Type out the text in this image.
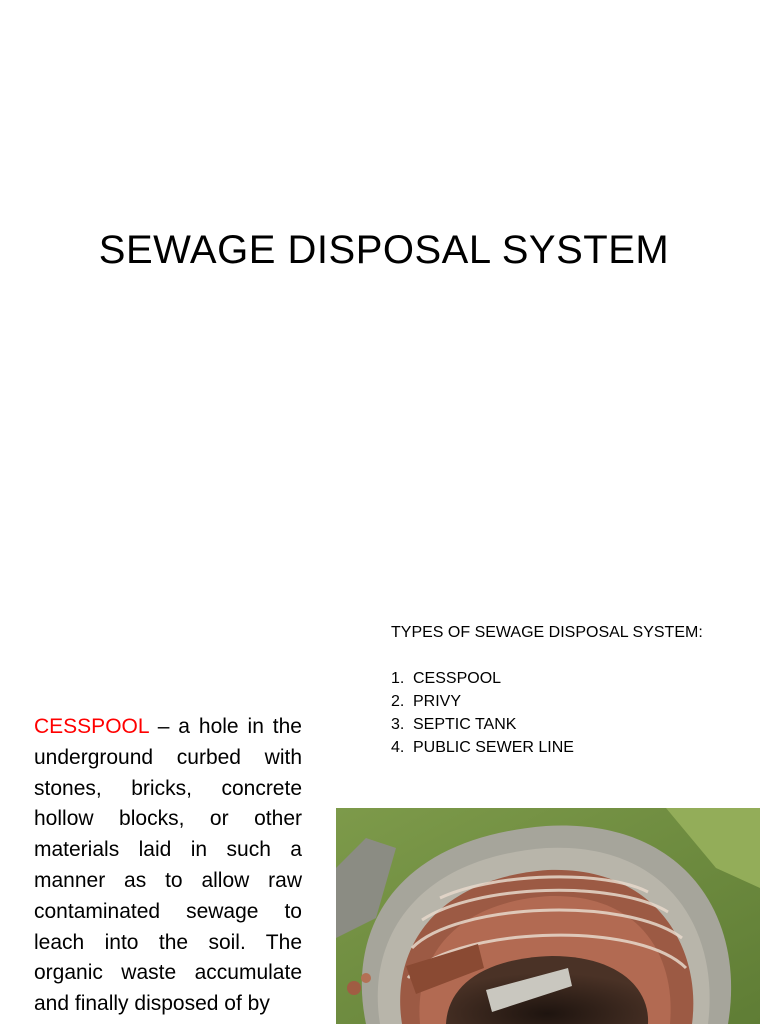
SEWAGE DISPOSAL SYSTEM
TYPES OF SEWAGE DISPOSAL SYSTEM:
1. CESSPOOL
2. PRIVY
3. SEPTIC TANK
4. PUBLIC SEWER LINE
CESSPOOL – a hole in the underground curbed with stones, bricks, concrete hollow blocks, or other materials laid in such a manner as to allow raw contaminated sewage to leach into the soil. The organic waste accumulate and finally disposed of by
